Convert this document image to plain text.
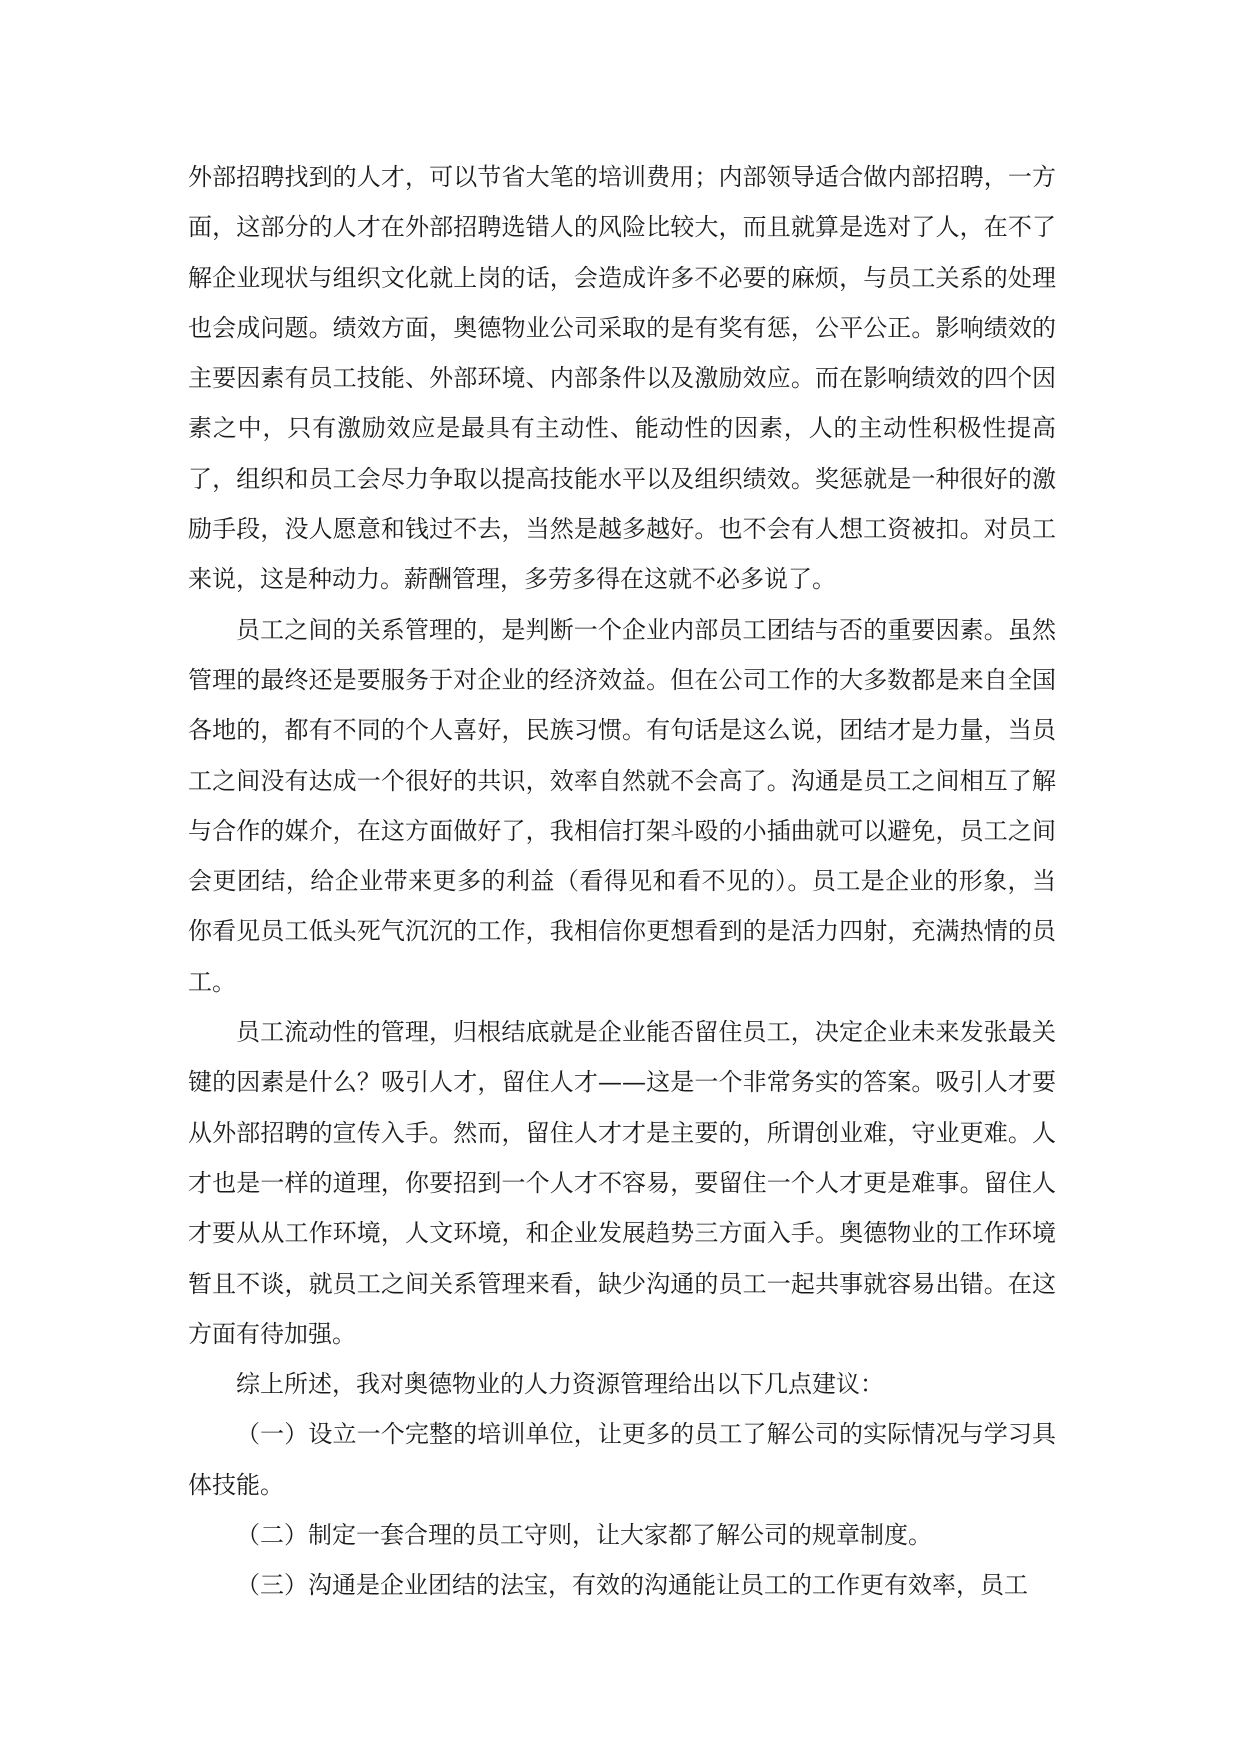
外部招聘找到的人才，可以节省大笔的培训费用；内部领导适合做内部招聘，一方面，这部分的人才在外部招聘选错人的风险比较大，而且就算是选对了人，在不了解企业现状与组织文化就上岗的话，会造成许多不必要的麻烦，与员工关系的处理也会成问题。绩效方面，奥德物业公司采取的是有奖有惩，公平公正。影响绩效的主要因素有员工技能、外部环境、内部条件以及激励效应。而在影响绩效的四个因素之中，只有激励效应是最具有主动性、能动性的因素，人的主动性积极性提高了，组织和员工会尽力争取以提高技能水平以及组织绩效。奖惩就是一种很好的激励手段，没人愿意和钱过不去，当然是越多越好。也不会有人想工资被扣。对员工来说，这是种动力。薪酬管理，多劳多得在这就不必多说了。

员工之间的关系管理的，是判断一个企业内部员工团结与否的重要因素。虽然管理的最终还是要服务于对企业的经济效益。但在公司工作的大多数都是来自全国各地的，都有不同的个人喜好，民族习惯。有句话是这么说，团结才是力量，当员工之间没有达成一个很好的共识，效率自然就不会高了。沟通是员工之间相互了解与合作的媒介，在这方面做好了，我相信打架斗殴的小插曲就可以避免，员工之间会更团结，给企业带来更多的利益（看得见和看不见的）。员工是企业的形象，当你看见员工低头死气沉沉的工作，我相信你更想看到的是活力四射，充满热情的员工。

员工流动性的管理，归根结底就是企业能否留住员工，决定企业未来发张最关键的因素是什么？吸引人才，留住人才——这是一个非常务实的答案。吸引人才要从外部招聘的宣传入手。然而，留住人才才是主要的，所谓创业难，守业更难。人才也是一样的道理，你要招到一个人才不容易，要留住一个人才更是难事。留住人才要从从工作环境，人文环境，和企业发展趋势三方面入手。奥德物业的工作环境暂且不谈，就员工之间关系管理来看，缺少沟通的员工一起共事就容易出错。在这方面有待加强。

综上所述，我对奥德物业的人力资源管理给出以下几点建议：

（一）设立一个完整的培训单位，让更多的员工了解公司的实际情况与学习具体技能。

（二）制定一套合理的员工守则，让大家都了解公司的规章制度。

（三）沟通是企业团结的法宝，有效的沟通能让员工的工作更有效率，员工
